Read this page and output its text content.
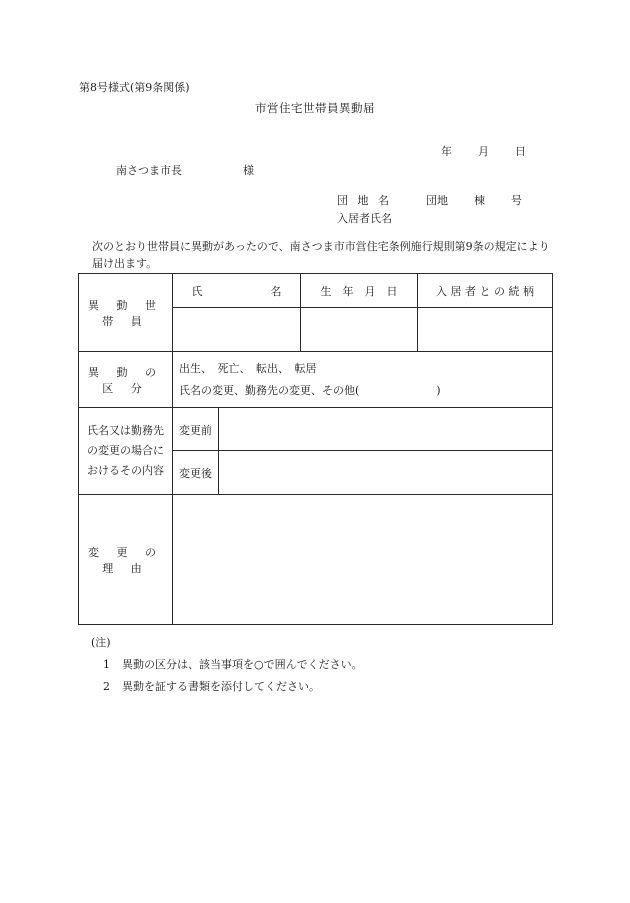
第8号様式(第9条関係)
市営住宅世帯員異動届
年 月 日
南さつま市長	様
団 地 名	団地 棟 号
入居者氏名
次のとおり世帯員に異動があったので、南さつま市市営住宅条例施行規則第9条の規定により届け出ます。
異 動 世 帯 員	氏 名		生　年　月　日	入 居 者 と の 続 柄

異 動 の 区 分	出生、　死亡、　転出、　転居
氏名の変更、勤務先の変更、その他(　　　　　　　)			

氏名又は勤務先
の変更の場合に
おけるその内容	変更前			
	変更後			
変 更 の 理 由				
(注)
1 異動の区分は、該当事項を○で囲んでください。
2 異動を証する書類を添付してください。
